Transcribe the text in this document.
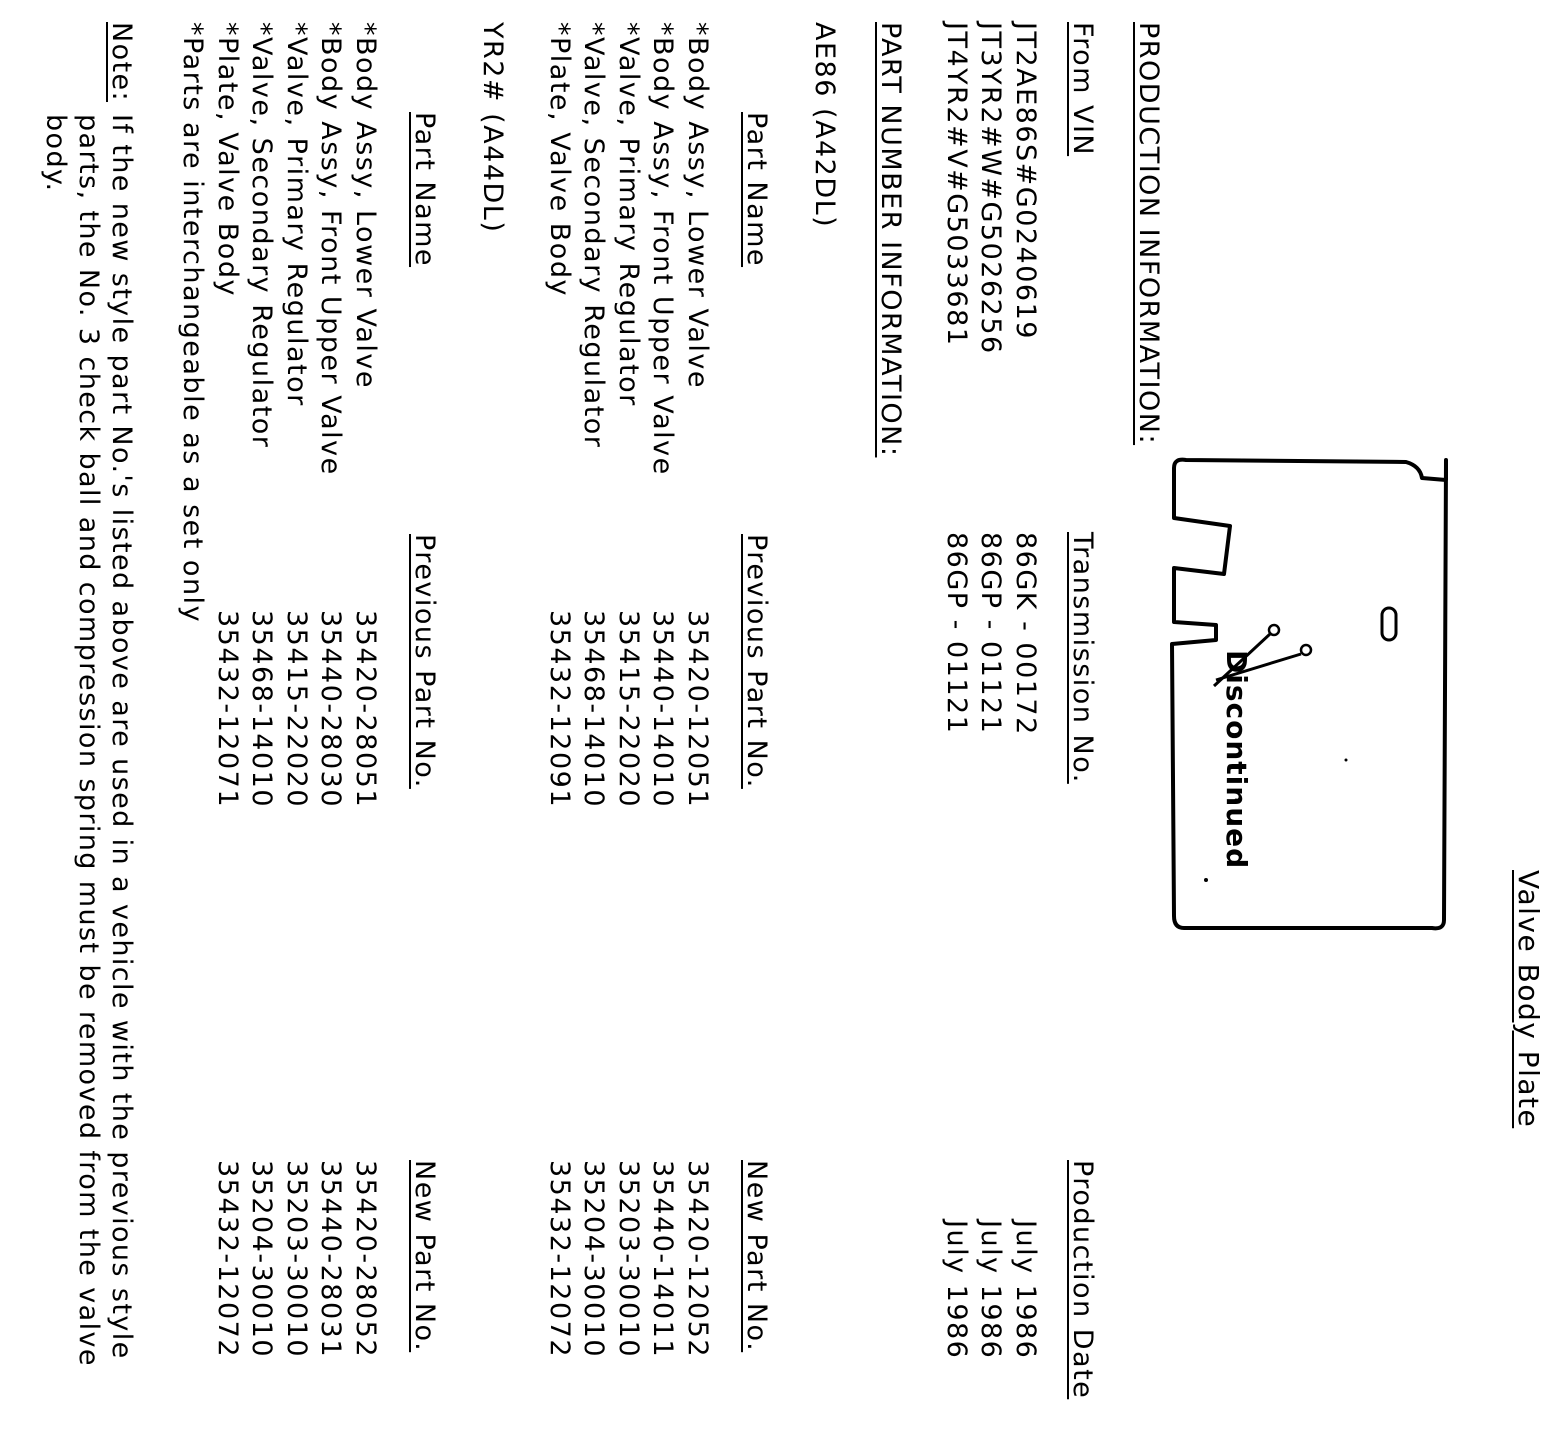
Valve Body Plate
Discontinued
PRODUCTION INFORMATION:
From VIN
Transmission No.
Production Date
JT2AE86S#G0240619
JT3YR2#W#G5026256
JT4YR2#V#G5033681
86GK - 00172
86GP - 01121
86GP - 01121
July 1986
July 1986
July 1986
PART NUMBER INFORMATION:
AE86 (A42DL)
Part Name
Previous Part No.
New Part No.
*Body Assy, Lower Valve
*Body Assy, Front Upper Valve
*Valve, Primary Regulator
*Valve, Secondary Regulator
*Plate, Valve Body
35420-12051
35440-14010
35415-22020
35468-14010
35432-12091
35420-12052
35440-14011
35203-30010
35204-30010
35432-12072
YR2# (A44DL)
Part Name
Previous Part No.
New Part No.
*Body Assy, Lower Valve
*Body Assy, Front Upper Valve
*Valve, Primary Regulator
*Valve, Secondary Regulator
*Plate, Valve Body
35420-28051
35440-28030
35415-22020
35468-14010
35432-12071
35420-28052
35440-28031
35203-30010
35204-30010
35432-12072
*Parts are interchangeable as a set only
Note:
If the new style part No.'s listed above are used in a vehicle with the previous style parts, the No. 3 check ball and compression spring must be removed from the valve body.
